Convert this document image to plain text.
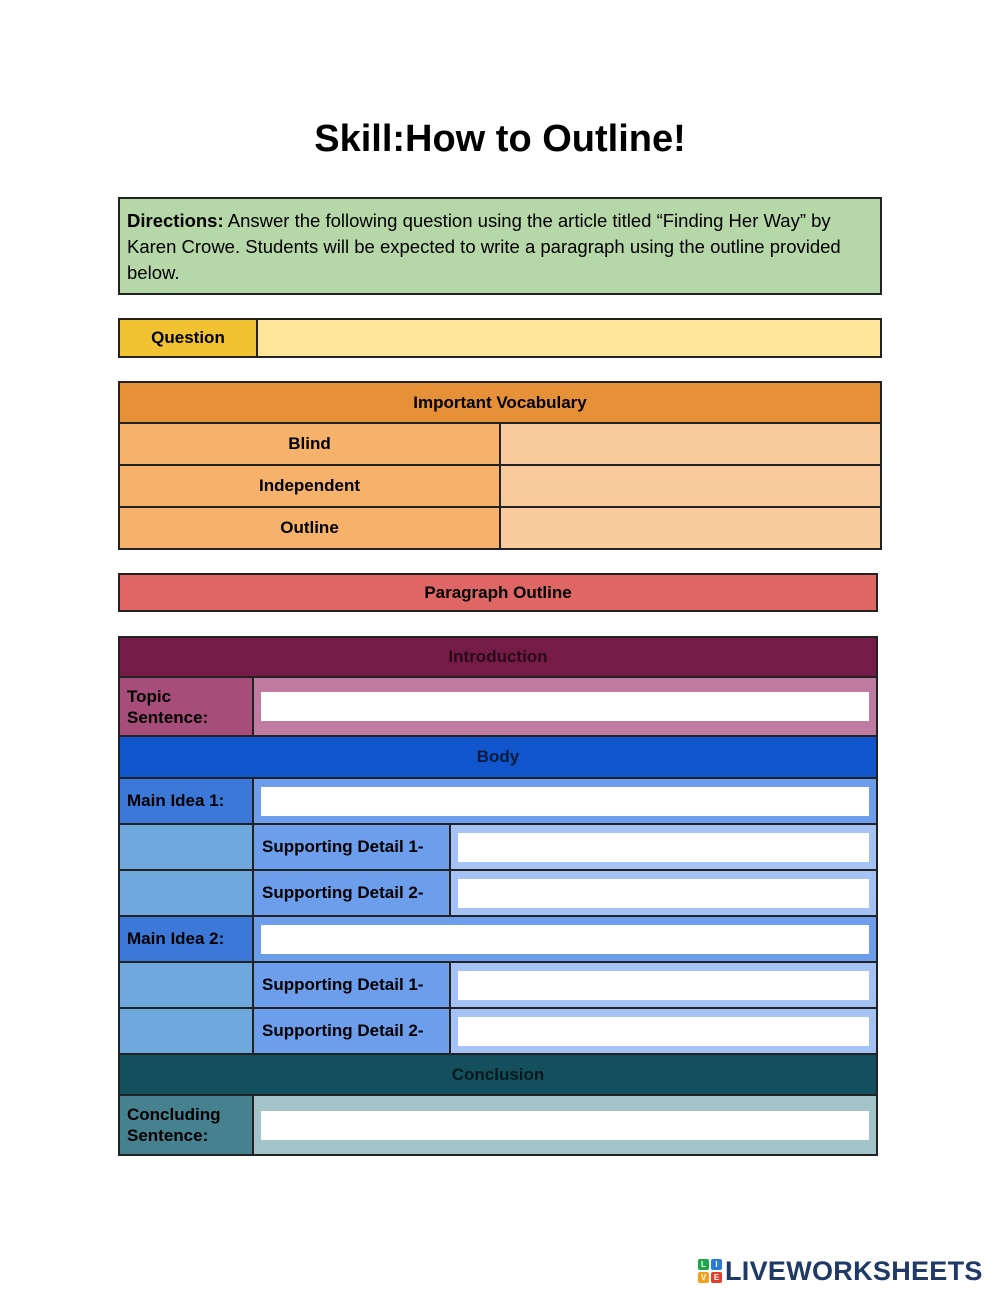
Skill:How to Outline!
Directions: Answer the following question using the article titled “Finding Her Way” by Karen Crowe. Students will be expected to write a paragraph using the outline provided below.
Question	
Important Vocabulary	
Blind	
Independent	
Outline	
Paragraph Outline
Introduction		
Topic Sentence:	

Body		
Main Idea 1:	

	Supporting Detail 1-	

	Supporting Detail 2-	

Main Idea 2:	

	Supporting Detail 1-	

	Supporting Detail 2-	

Conclusion		
Concluding Sentence:	
L	I
V E LIVEWORKSHEETS
